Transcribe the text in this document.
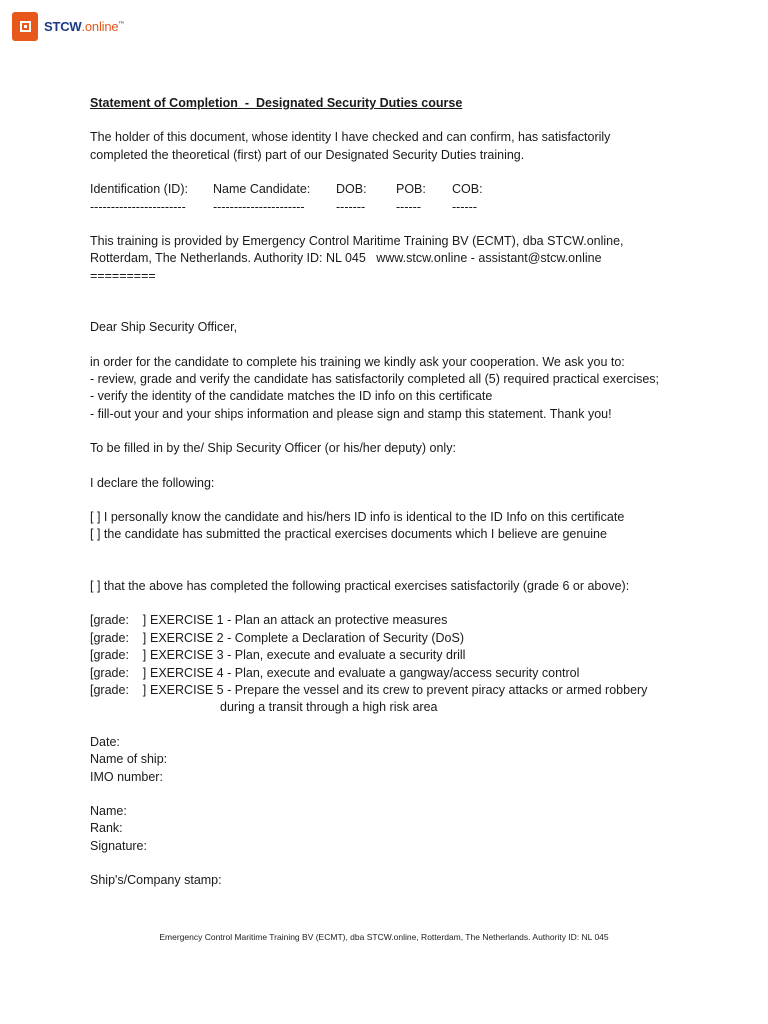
STCW.online™

Statement of Completion  -  Designated Security Duties course

The holder of this document, whose identity I have checked and can confirm, has satisfactorily

completed the theoretical (first) part of our Designated Security Duties training.

Identification (ID): Name Candidate: DOB: POB: COB:
----------------------- ----------------------	------- ------ ------

This training is provided by Emergency Control Maritime Training BV (ECMT), dba STCW.online,

Rotterdam, The Netherlands. Authority ID: NL 045   www.stcw.online - assistant@stcw.online

=========

Dear Ship Security Officer,

in order for the candidate to complete his training we kindly ask your cooperation. We ask you to:

- review, grade and verify the candidate has satisfactorily completed all (5) required practical exercises;

- verify the identity of the candidate matches the ID info on this certificate

- fill-out your and your ships information and please sign and stamp this statement. Thank you!

To be filled in by the/ Ship Security Officer (or his/her deputy) only:

I declare the following:

[ ] I personally know the candidate and his/hers ID info is identical to the ID Info on this certificate

[ ] the candidate has submitted the practical exercises documents which I believe are genuine

[ ] that the above has completed the following practical exercises satisfactorily (grade 6 or above):

[grade:    ] EXERCISE 1 - Plan an attack an protective measures
[grade:    ] EXERCISE 2 - Complete a Declaration of Security (DoS)
[grade:    ] EXERCISE 3 - Plan, execute and evaluate a security drill
[grade:    ] EXERCISE 4 - Plan, execute and evaluate a gangway/access security control
[grade:    ] EXERCISE 5 - Prepare the vessel and its crew to prevent piracy attacks or armed robbery

during a transit through a high risk area

Date:

Name of ship:

IMO number:

Name:

Rank:

Signature:

Ship's/Company stamp:

Emergency Control Maritime Training BV (ECMT), dba STCW.online, Rotterdam, The Netherlands. Authority ID: NL 045
